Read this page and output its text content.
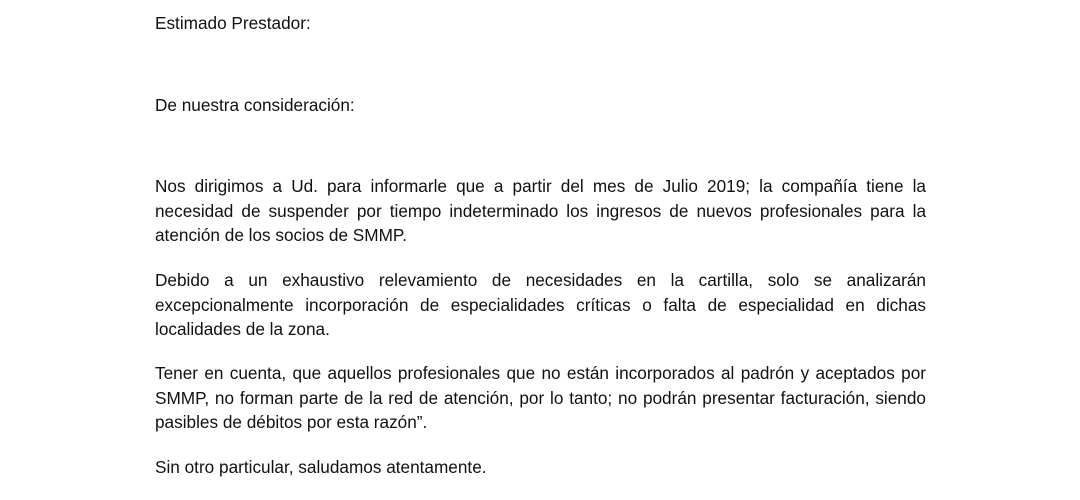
Estimado Prestador:

De nuestra consideración:

Nos dirigimos a Ud. para informarle que a partir del mes de Julio 2019; la compañía tiene la necesidad de suspender por tiempo indeterminado los ingresos de nuevos profesionales para la atención de los socios de SMMP.

Debido a un exhaustivo relevamiento de necesidades en la cartilla, solo se analizarán excepcionalmente incorporación de especialidades críticas o falta de especialidad en dichas localidades de la zona.

Tener en cuenta, que aquellos profesionales que no están incorporados al padrón y aceptados por SMMP, no forman parte de la red de atención, por lo tanto; no podrán presentar facturación, siendo pasibles de débitos por esta razón”.

Sin otro particular, saludamos atentamente.
